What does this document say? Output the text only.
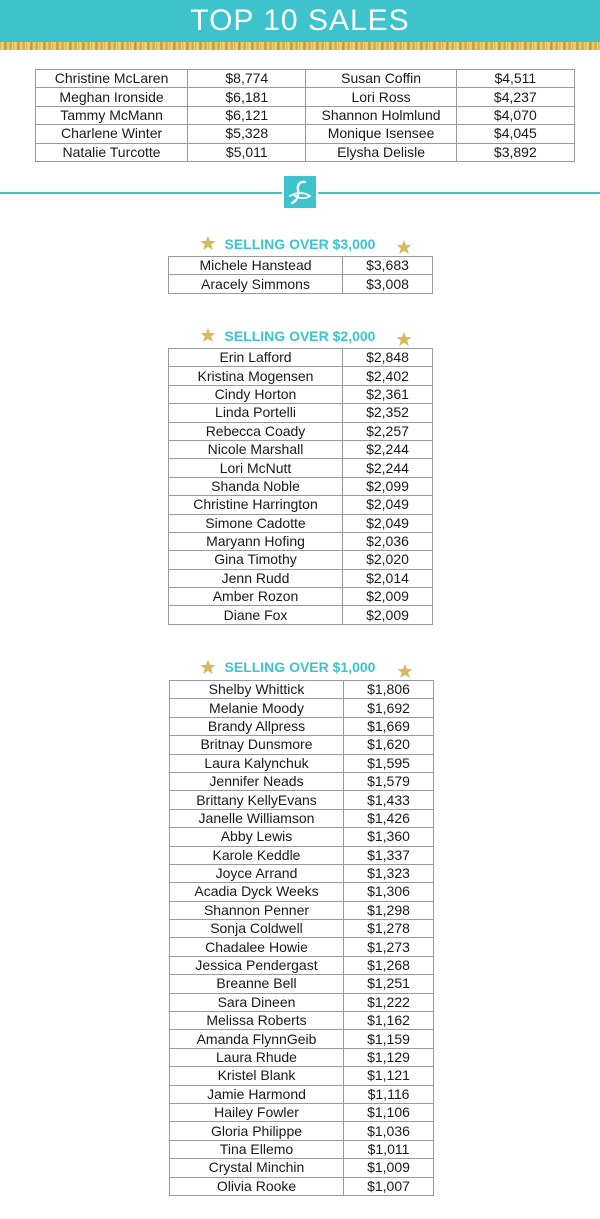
TOP 10 SALES
Christine McLaren	$8,774	Susan Coffin	$4,511
Meghan Ironside	$6,181	Lori Ross	$4,237
Tammy McMann	$6,121	Shannon Holmlund	$4,070
Charlene Winter	$5,328	Monique Isensee	$4,045
Natalie Turcotte	$5,011	Elysha Delisle	$3,892
SELLING OVER $3,000
Michele Hanstead	$3,683
Aracely Simmons	$3,008
SELLING OVER $2,000
Erin Lafford	$2,848
Kristina Mogensen	$2,402
Cindy Horton	$2,361
Linda Portelli	$2,352
Rebecca Coady	$2,257
Nicole Marshall	$2,244
Lori McNutt	$2,244
Shanda Noble	$2,099
Christine Harrington	$2,049
Simone Cadotte	$2,049
Maryann Hofing	$2,036
Gina Timothy	$2,020
Jenn Rudd	$2,014
Amber Rozon	$2,009
Diane Fox	$2,009
SELLING OVER $1,000
Shelby Whittick	$1,806
Melanie Moody	$1,692
Brandy Allpress	$1,669
Britnay Dunsmore	$1,620
Laura Kalynchuk	$1,595
Jennifer Neads	$1,579
Brittany KellyEvans	$1,433
Janelle Williamson	$1,426
Abby Lewis	$1,360
Karole Keddle	$1,337
Joyce Arrand	$1,323
Acadia Dyck Weeks	$1,306
Shannon Penner	$1,298
Sonja Coldwell	$1,278
Chadalee Howie	$1,273
Jessica Pendergast	$1,268
Breanne Bell	$1,251
Sara Dineen	$1,222
Melissa Roberts	$1,162
Amanda FlynnGeib	$1,159
Laura Rhude	$1,129
Kristel Blank	$1,121
Jamie Harmond	$1,116
Hailey Fowler	$1,106
Gloria Philippe	$1,036
Tina Ellemo	$1,011
Crystal Minchin	$1,009
Olivia Rooke	$1,007
